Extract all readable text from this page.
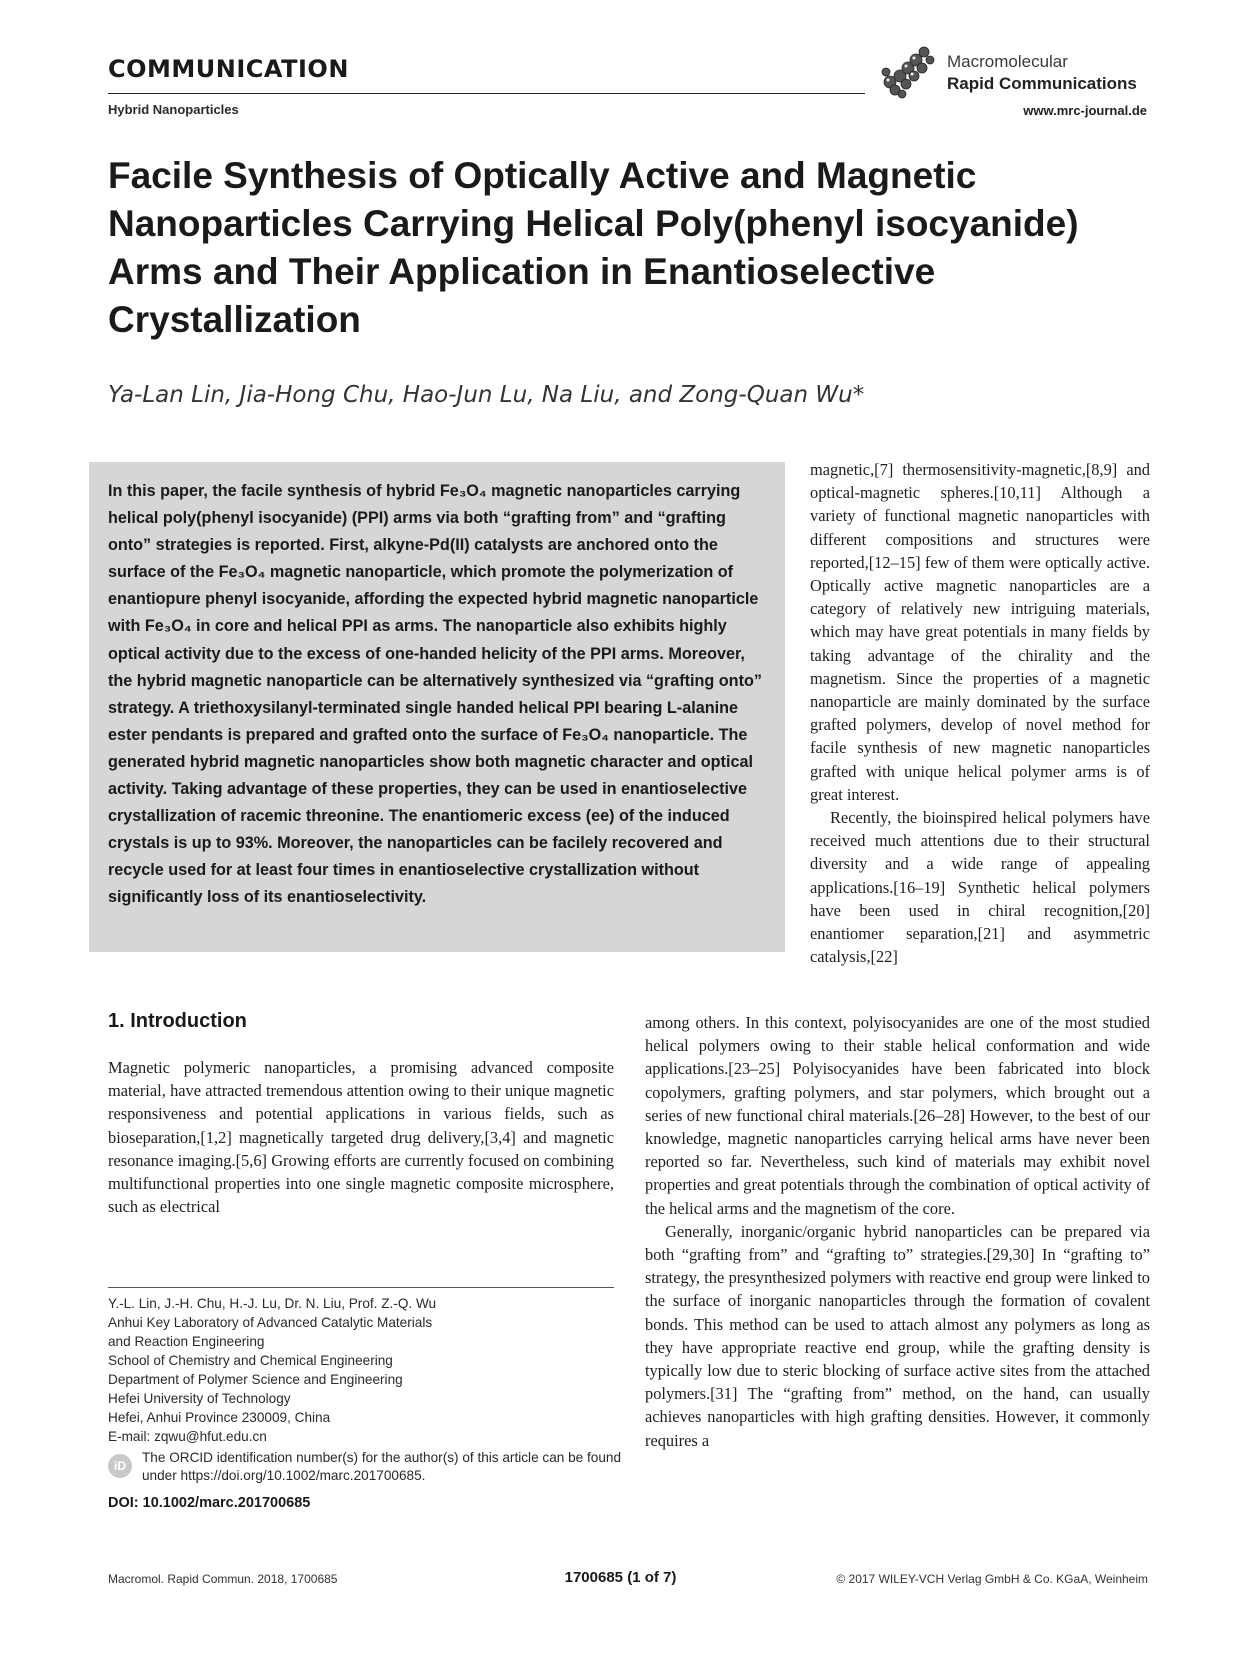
COMMUNICATION
Hybrid Nanoparticles
Macromolecular
Rapid Communications
www.mrc-journal.de
Facile Synthesis of Optically Active and Magnetic Nanoparticles Carrying Helical Poly(phenyl isocyanide) Arms and Their Application in Enantioselective Crystallization
Ya-Lan Lin, Jia-Hong Chu, Hao-Jun Lu, Na Liu, and Zong-Quan Wu*
In this paper, the facile synthesis of hybrid Fe₃O₄ magnetic nanoparticles carrying helical poly(phenyl isocyanide) (PPI) arms via both “grafting from” and “grafting onto” strategies is reported. First, alkyne-Pd(II) catalysts are anchored onto the surface of the Fe₃O₄ magnetic nanoparticle, which promote the polymerization of enantiopure phenyl isocyanide, affording the expected hybrid magnetic nanoparticle with Fe₃O₄ in core and helical PPI as arms. The nanoparticle also exhibits highly optical activity due to the excess of one-handed helicity of the PPI arms. Moreover, the hybrid magnetic nanoparticle can be alternatively synthesized via “grafting onto” strategy. A triethoxysilanyl-terminated single handed helical PPI bearing L-alanine ester pendants is prepared and grafted onto the surface of Fe₃O₄ nanoparticle. The generated hybrid magnetic nanoparticles show both magnetic character and optical activity. Taking advantage of these properties, they can be used in enantioselective crystallization of racemic threonine. The enantiomeric excess (ee) of the induced crystals is up to 93%. Moreover, the nanoparticles can be facilely recovered and recycle used for at least four times in enantioselective crystallization without significantly loss of its enantioselectivity.

magnetic,[7] thermosensitivity-magnetic,[8,9] and optical-magnetic spheres.[10,11] Although a variety of functional magnetic nanoparticles with different compositions and structures were reported,[12–15] few of them were optically active. Optically active magnetic nanoparticles are a category of relatively new intriguing materials, which may have great potentials in many fields by taking advantage of the chirality and the magnetism. Since the properties of a magnetic nanoparticle are mainly dominated by the surface grafted polymers, develop of novel method for facile synthesis of new magnetic nanoparticles grafted with unique helical polymer arms is of great interest.

Recently, the bioinspired helical polymers have received much attentions due to their structural diversity and a wide range of appealing applications.[16–19] Synthetic helical polymers have been used in chiral recognition,[20] enantiomer separation,[21] and asymmetric catalysis,[22]

1. Introduction

Magnetic polymeric nanoparticles, a promising advanced composite material, have attracted tremendous attention owing to their unique magnetic responsiveness and potential applications in various fields, such as bioseparation,[1,2] magnetically targeted drug delivery,[3,4] and magnetic resonance imaging.[5,6] Growing efforts are currently focused on combining multifunctional properties into one single magnetic composite microsphere, such as electrical

among others. In this context, polyisocyanides are one of the most studied helical polymers owing to their stable helical conformation and wide applications.[23–25] Polyisocyanides have been fabricated into block copolymers, grafting polymers, and star polymers, which brought out a series of new functional chiral materials.[26–28] However, to the best of our knowledge, magnetic nanoparticles carrying helical arms have never been reported so far. Nevertheless, such kind of materials may exhibit novel properties and great potentials through the combination of optical activity of the helical arms and the magnetism of the core.

Generally, inorganic/organic hybrid nanoparticles can be prepared via both “grafting from” and “grafting to” strategies.[29,30] In “grafting to” strategy, the presynthesized polymers with reactive end group were linked to the surface of inorganic nanoparticles through the formation of covalent bonds. This method can be used to attach almost any polymers as long as they have appropriate reactive end group, while the grafting density is typically low due to steric blocking of surface active sites from the attached polymers.[31] The “grafting from” method, on the hand, can usually achieves nanoparticles with high grafting densities. However, it commonly requires a

Y.-L. Lin, J.-H. Chu, H.-J. Lu, Dr. N. Liu, Prof. Z.-Q. Wu
Anhui Key Laboratory of Advanced Catalytic Materials
and Reaction Engineering
School of Chemistry and Chemical Engineering
Department of Polymer Science and Engineering
Hefei University of Technology
Hefei, Anhui Province 230009, China
E-mail: zqwu@hfut.edu.cn
iD
The ORCID identification number(s) for the author(s) of this article can be found under https://doi.org/10.1002/marc.201700685.
DOI: 10.1002/marc.201700685
Macromol. Rapid Commun. 2018, 1700685	1700685 (1 of 7)	© 2017 WILEY-VCH Verlag GmbH & Co. KGaA, Weinheim
